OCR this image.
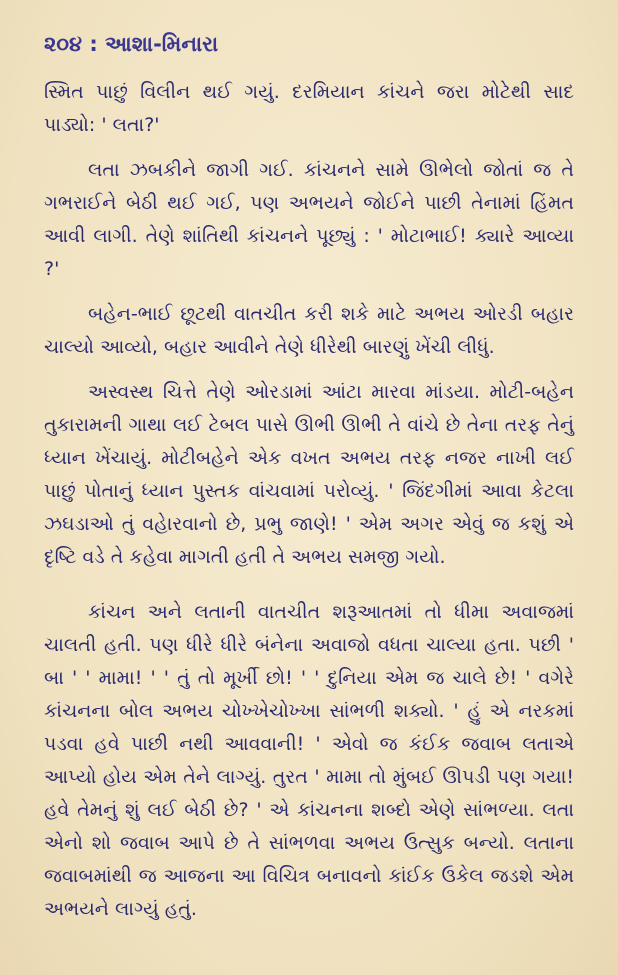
૨૦૪ : આશા-મિનારા

સ્મિત પાછું વિલીન થઈ ગયું. દરમિયાન કાંચને જરા મોટેથી સાદ પાડ્યો: ' લતા?'

લતા ઝબકીને જાગી ગઈ. કાંચનને સામે ઊભેલો જોતાં જ તે ગભરાઈને બેઠી થઈ ગઈ, પણ અભયને જોઈને પાછી તેનામાં હિંમત આવી લાગી. તેણે શાંતિથી કાંચનને પૂછ્યું : ' મોટાભાઈ! ક્યારે આવ્યા ?'

બહેન-ભાઈ છૂટથી વાતચીત કરી શકે માટે અભય ઓરડી બહાર ચાલ્યો આવ્યો, બહાર આવીને તેણે ધીરેથી બારણું ખેંચી લીધું.

અસ્વસ્થ ચિત્તે તેણે ઓરડામાં આંટા મારવા માંડયા. મોટી-બહેન તુકારામની ગાથા લઈ ટેબલ પાસે ઊભી ઊભી તે વાંચે છે તેના તરફ તેનું ધ્યાન ખેંચાયું. મોટીબહેને એક વખત અભય તરફ નજર નાખી લઈ પાછું પોતાનું ધ્યાન પુસ્તક વાંચવામાં પરોવ્યું. ' જિંદગીમાં આવા કેટલા ઝઘડાઓ તું વહેારવાનો છે, પ્રભુ જાણે! ' એમ અગર એવું જ કશું એ દૃષ્ટિ વડે તે કહેવા માગતી હતી તે અભય સમજી ગયો.

કાંચન અને લતાની વાતચીત શરૂઆતમાં તો ધીમા અવાજમાં ચાલતી હતી. પણ ધીરે ધીરે બંનેના અવાજો વધતા ચાલ્યા હતા. પછી ' બા ' ' મામા! ' ' તું તો મૂર્ખી છો! ' ' દુનિયા એમ જ ચાલે છે! ' વગેરે કાંચનના બોલ અભય ચોખ્ખેચોખ્ખા સાંભળી શક્યો. ' હું એ નરકમાં પડવા હવે પાછી નથી આવવાની! ' એવો જ કંઈક જવાબ લતાએ આપ્યો હોય એમ તેને લાગ્યું. તુરત ' મામા તો મુંબઈ ઊપડી પણ ગયા! હવે તેમનું શું લઈ બેઠી છે? ' એ કાંચનના શબ્દો એણે સાંભળ્યા. લતા એનો શો જવાબ આપે છે તે સાંભળવા અભય ઉત્સુક બન્યો. લતાના જવાબમાંથી જ આજના આ વિચિત્ર બનાવનો કાંઈક ઉકેલ જડશે એમ અભયને લાગ્યું હતું.
